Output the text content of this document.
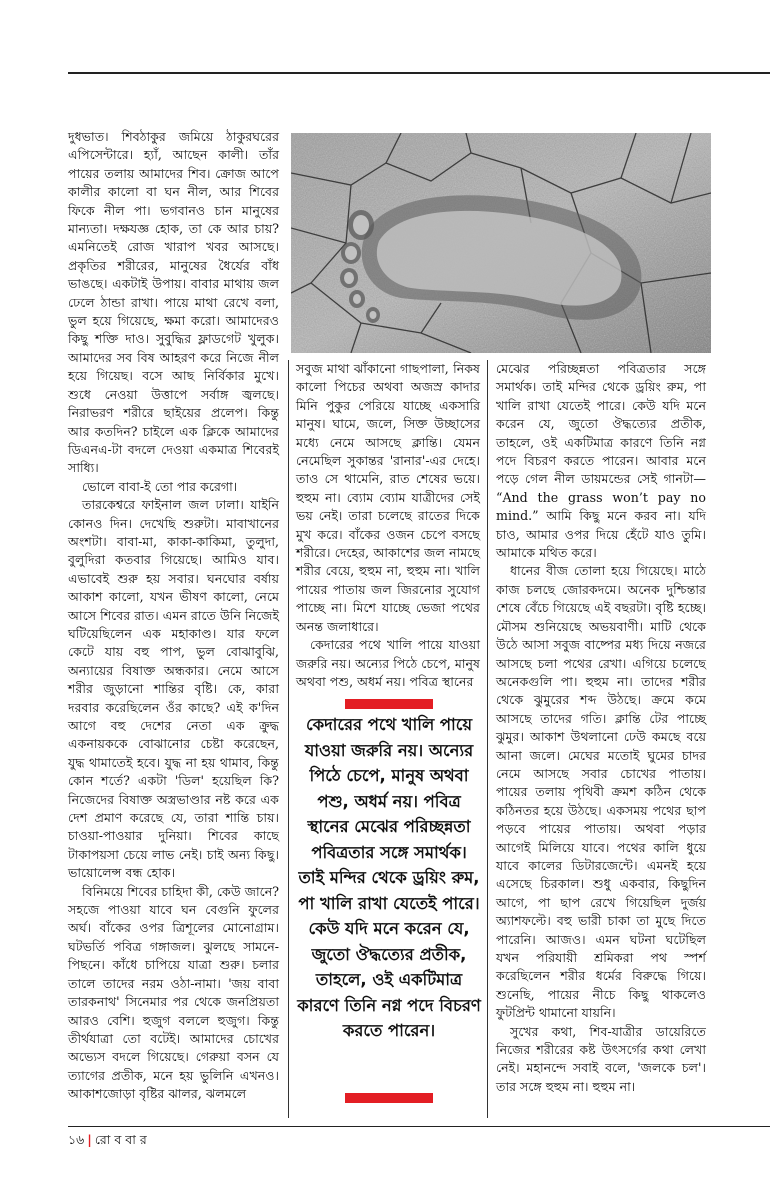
দুধভাত। শিবঠাকুর জমিয়ে ঠাকুরঘরের এপিসেন্টারে। হ্যাঁ, আছেন কালী। তাঁর পায়ের তলায় আমাদের শিব। ক্রোজ আপে কালীর কালো বা ঘন নীল, আর শিবের ফিকে নীল পা। ভগবানও চান মানুষের মান্যতা। দক্ষযজ্ঞ হোক, তা কে আর চায়? এমনিতেই রোজ খারাপ খবর আসছে। প্রকৃতির শরীরের, মানুষের ধৈর্যের বাঁধ ভাঙছে। একটাই উপায়। বাবার মাথায় জল ঢেলে ঠান্ডা রাখা। পায়ে মাথা রেখে বলা, ভুল হয়ে গিয়েছে, ক্ষমা করো। আমাদেরও কিছু শক্তি দাও। সুবুদ্ধির ফ্লাডগেট খুলুক। আমাদের সব বিষ আহরণ করে নিজে নীল হয়ে গিয়েছ। বসে আছ নির্বিকার মুখে। শুধে নেওয়া উত্তাপে সর্বাঙ্গ জ্বলছে। নিরাভরণ শরীরে ছাইয়ের প্রলেপ। কিন্তু আর কতদিন? চাইলে এক ক্লিকে আমাদের ডিএনএ-টা বদলে দেওয়া একমাত্র শিবেরই সাধ্যি।

ভোলে বাবা-ই তো পার করেগা।

তারকেশ্বরে ফাইনাল জল ঢালা। যাইনি কোনও দিন। দেখেছি শুরুটা। মাবাখানের অংশটা। বাবা-মা, কাকা-কাকিমা, তুলুদা, বুলুদিরা কতবার গিয়েছে। আমিও যাব। এভাবেই শুরু হয় সবার। ঘনঘোর বর্ষায় আকাশ কালো, যখন ভীষণ কালো, নেমে আসে শিবের রাত। এমন রাতে উনি নিজেই ঘটিয়েছিলেন এক মহাকাণ্ড। যার ফলে কেটে যায় বহু পাপ, ভুল বোঝাবুঝি, অন্যায়ের বিষাক্ত অন্ধকার। নেমে আসে শরীর জুড়ানো শান্তির বৃষ্টি। কে, কারা দরবার করেছিলেন ওঁর কাছে? এই ক'দিন আগে বহু দেশের নেতা এক ক্রুদ্ধ একনায়ককে বোঝানোর চেষ্টা করেছেন, যুদ্ধ থামাতেই হবে। যুদ্ধ না হয় থামাব, কিন্তু কোন শর্তে? একটা 'ডিল' হয়েছিল কি? নিজেদের বিষাক্ত অস্ত্রভাণ্ডার নষ্ট করে এক দেশ প্রমাণ করেছে যে, তারা শান্তি চায়। চাওয়া-পাওয়ার দুনিয়া। শিবের কাছে টাকাপয়সা চেয়ে লাভ নেই। চাই অন্য কিছু। ভায়োলেন্স বন্ধ হোক।

বিনিময়ে শিবের চাহিদা কী, কেউ জানে? সহজে পাওয়া যাবে ঘন বেগুনি ফুলের অর্ঘ। বাঁকের ওপর ত্রিশূলের মোনোগ্রাম। ঘটভর্তি পবিত্র গঙ্গাজল। ঝুলছে সামনে-পিছনে। কাঁধে চাপিয়ে যাত্রা শুরু। চলার তালে তাদের নরম ওঠা-নামা। 'জয় বাবা তারকনাথ' সিনেমার পর থেকে জনপ্রিয়তা আরও বেশি। হুজুগ বললে হুজুগ। কিন্তু তীর্থযাত্রা তো বটেই। আমাদের চোখের অভ্যেস বদলে গিয়েছে। গেরুয়া বসন যে ত্যাগের প্রতীক, মনে হয় ভুলিনি এখনও। আকাশজোড়া বৃষ্টির ঝালর, ঝলমলে

সবুজ মাথা ঝাঁকানো গাছপালা, নিকষ কালো পিচের অথবা অজস্র কাদার মিনি পুকুর পেরিয়ে যাচ্ছে একসারি মানুষ। ঘামে, জলে, সিক্ত উচ্ছাসের মধ্যে নেমে আসছে ক্লান্তি। যেমন নেমেছিল সুকান্তর 'রানার'-এর দেহে। তাও সে থামেনি, রাত শেষের ভয়ে। হুহুম না। ব্যোম ব্যোম যাত্রীদের সেই ভয় নেই। তারা চলেছে রাতের দিকে মুখ করে। বাঁকের ওজন চেপে বসছে শরীরে। দেহের, আকাশের জল নামছে শরীর বেয়ে, হুহুম না, হুহুম না। খালি পায়ের পাতায় জল জিরনোর সুযোগ পাচ্ছে না। মিশে যাচ্ছে ভেজা পথের অনন্ত জলাধারে।

কেদারের পথে খালি পায়ে যাওয়া জরুরি নয়। অন্যের পিঠে চেপে, মানুষ অথবা পশু, অধর্ম নয়। পবিত্র স্থানের

কেদারের পথে খালি পায়ে যাওয়া জরুরি নয়। অন্যের পিঠে চেপে, মানুষ অথবা পশু, অধর্ম নয়। পবিত্র স্থানের মেঝের পরিচ্ছন্নতা পবিত্রতার সঙ্গে সমার্থক। তাই মন্দির থেকে ড্রয়িং রুম, পা খালি রাখা যেতেই পারে। কেউ যদি মনে করেন যে, জুতো ঔদ্ধত্যের প্রতীক, তাহলে, ওই একটিমাত্র কারণে তিনি নগ্ন পদে বিচরণ করতে পারেন।

মেঝের পরিচ্ছন্নতা পবিত্রতার সঙ্গে সমার্থক। তাই মন্দির থেকে ড্রয়িং রুম, পা খালি রাখা যেতেই পারে। কেউ যদি মনে করেন যে, জুতো ঔদ্ধত্যের প্রতীক, তাহলে, ওই একটিমাত্র কারণে তিনি নগ্ন পদে বিচরণ করতে পারেন। আবার মনে পড়ে গেল নীল ডায়মন্ডের সেই গানটা— “And the grass won’t pay no mind.” আমি কিছু মনে করব না। যদি চাও, আমার ওপর দিয়ে হেঁটে যাও তুমি। আমাকে মথিত করে।

ধানের বীজ তোলা হয়ে গিয়েছে। মাঠে কাজ চলছে জোরকদমে। অনেক দুশ্চিন্তার শেষে বেঁচে গিয়েছে এই বছরটা। বৃষ্টি হচ্ছে। মৌসম শুনিয়েছে অভয়বাণী। মাটি থেকে উঠে আসা সবুজ বাষ্পের মধ্য দিয়ে নজরে আসছে চলা পথের রেখা। এগিয়ে চলেছে অনেকগুলি পা। হুহুম না। তাদের শরীর থেকে ঝুমুরের শব্দ উঠছে। ক্রমে কমে আসছে তাদের গতি। ক্লান্তি টের পাচ্ছে ঝুমুর। আকাশ উথলানো ঢেউ কমছে বয়ে আনা জলে। মেঘের মতোই ঘুমের চাদর নেমে আসছে সবার চোখের পাতায়। পায়ের তলায় পৃথিবী ক্রমশ কঠিন থেকে কঠিনতর হয়ে উঠছে। একসময় পথের ছাপ পড়বে পায়ের পাতায়। অথবা পড়ার আগেই মিলিয়ে যাবে। পথের কালি ধুয়ে যাবে কালের ডিটারজেন্টে। এমনই হয়ে এসেছে চিরকাল। শুধু একবার, কিছুদিন আগে, পা ছাপ রেখে গিয়েছিল দুর্জয় অ্যাশফল্টে। বহু ভারী চাকা তা মুছে দিতে পারেনি। আজও। এমন ঘটনা ঘটেছিল যখন পরিযায়ী শ্রমিকরা পথ স্পর্শ করেছিলেন শরীর ধর্মের বিরুদ্ধে গিয়ে। শুনেছি, পায়ের নীচে কিছু থাকলেও ফুটপ্রিন্ট থামানো যায়নি।

সুখের কথা, শিব-যাত্রীর ডায়েরিতে নিজের শরীরের কষ্ট উৎসর্গের কথা লেখা নেই। মহানন্দে সবাই বলে, 'জলকে চল'। তার সঙ্গে হুহুম না। হুহুম না।

১৬ | রো ব বা র
